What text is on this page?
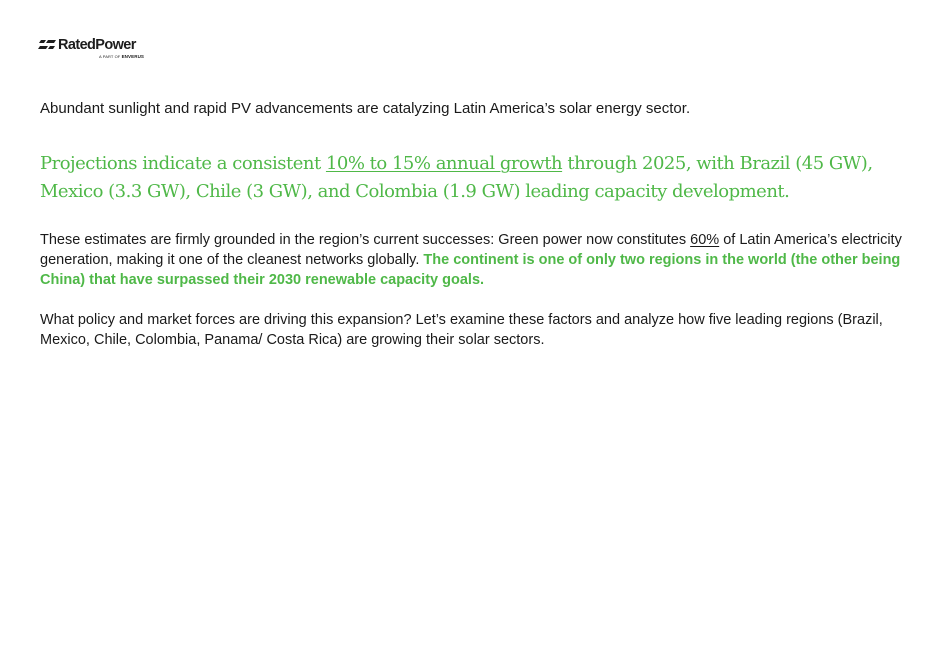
RatedPower
A PART OF ENVERUS

Abundant sunlight and rapid PV advancements are catalyzing Latin America’s solar energy sector.

Projections indicate a consistent 10% to 15% annual growth through 2025, with Brazil (45 GW), Mexico (3.3 GW), Chile (3 GW), and Colombia (1.9 GW) leading capacity development.

These estimates are firmly grounded in the region’s current successes: Green power now constitutes 60% of Latin America’s electricity generation, making it one of the cleanest networks globally. The continent is one of only two regions in the world (the other being China) that have surpassed their 2030 renewable capacity goals.

What policy and market forces are driving this expansion? Let’s examine these factors and analyze how five leading regions (Brazil, Mexico, Chile, Colombia, Panama/ Costa Rica) are growing their solar sectors.
